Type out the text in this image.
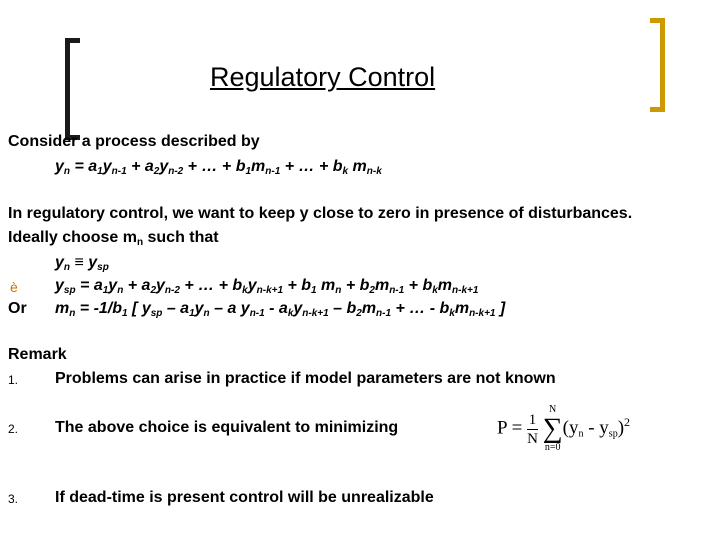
Regulatory Control
Consider a process described by
$y_n = a_1y_{n-1} + a_2y_{n-2}$ + … + $b_1m_{n-1}$ + … + $b_k$ $m_{n-k}$
In regulatory control, we want to keep y close to zero in presence of disturbances.
Ideally choose $m_n$ such that
$y_n \equiv y_{sp}$
è $y_{sp} = a_1y_n + a_2y_{n-2}$ + … + $b_ky_{n-k+1} + b_1$ $m_n + b_2m_{n-1} + b_km_{n-k+1}$
Or $m_n = -1/b_1$ [ $y_{sp} - a_1y_n$ – a $y_{n-1} - a_ky_{n-k+1} - b_2m_{n-1}$ + … - $b_km_{n-k+1}$ ]
Remark
1. Problems can arise in practice if model parameters are not known
2. The above choice is equivalent to minimizing
3. If dead-time is present control will be unrealizable
$P = \frac{1}{N}$

N
∑
n=0
$(y_n - y_{sp})^2$
